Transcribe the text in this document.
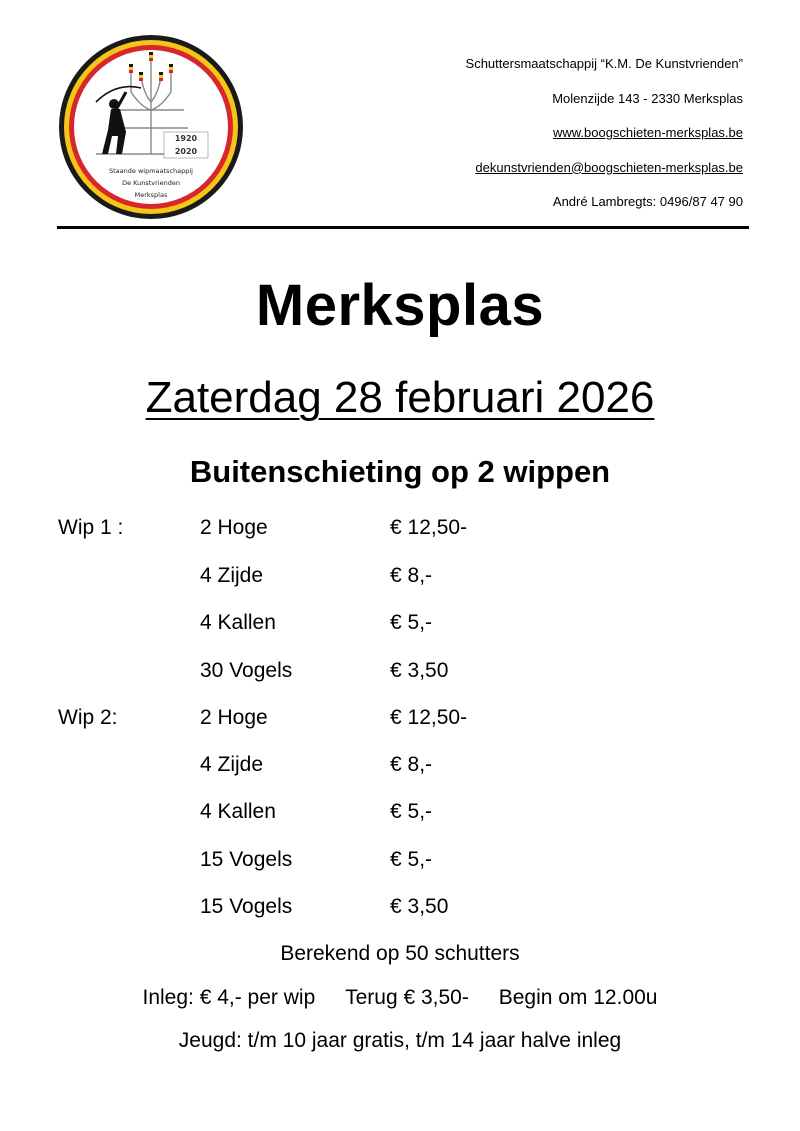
1920
2020
Staande wipmaatschappij
De Kunstvrienden
Merksplas
Schuttersmaatschappij “K.M. De Kunstvrienden”
Molenzijde 143 - 2330 Merksplas
www.boogschieten-merksplas.be
dekunstvrienden@boogschieten-merksplas.be
André Lambregts: 0496/87 47 90
Merksplas
Zaterdag 28 februari 2026
Buitenschieting op 2 wippen
Wip 1 :	2 Hoge	€ 12,50-
4 Zijde	€ 8,-
4 Kallen	€ 5,-
30 Vogels	€ 3,50
Wip 2:	2 Hoge	€ 12,50-
4 Zijde	€ 8,-
4 Kallen	€ 5,-
15 Vogels	€ 5,-
15 Vogels	€ 3,50
Berekend op 50 schutters
Inleg: € 4,- per wip Terug € 3,50- Begin om 12.00u
Jeugd: t/m 10 jaar gratis, t/m 14 jaar halve inleg
